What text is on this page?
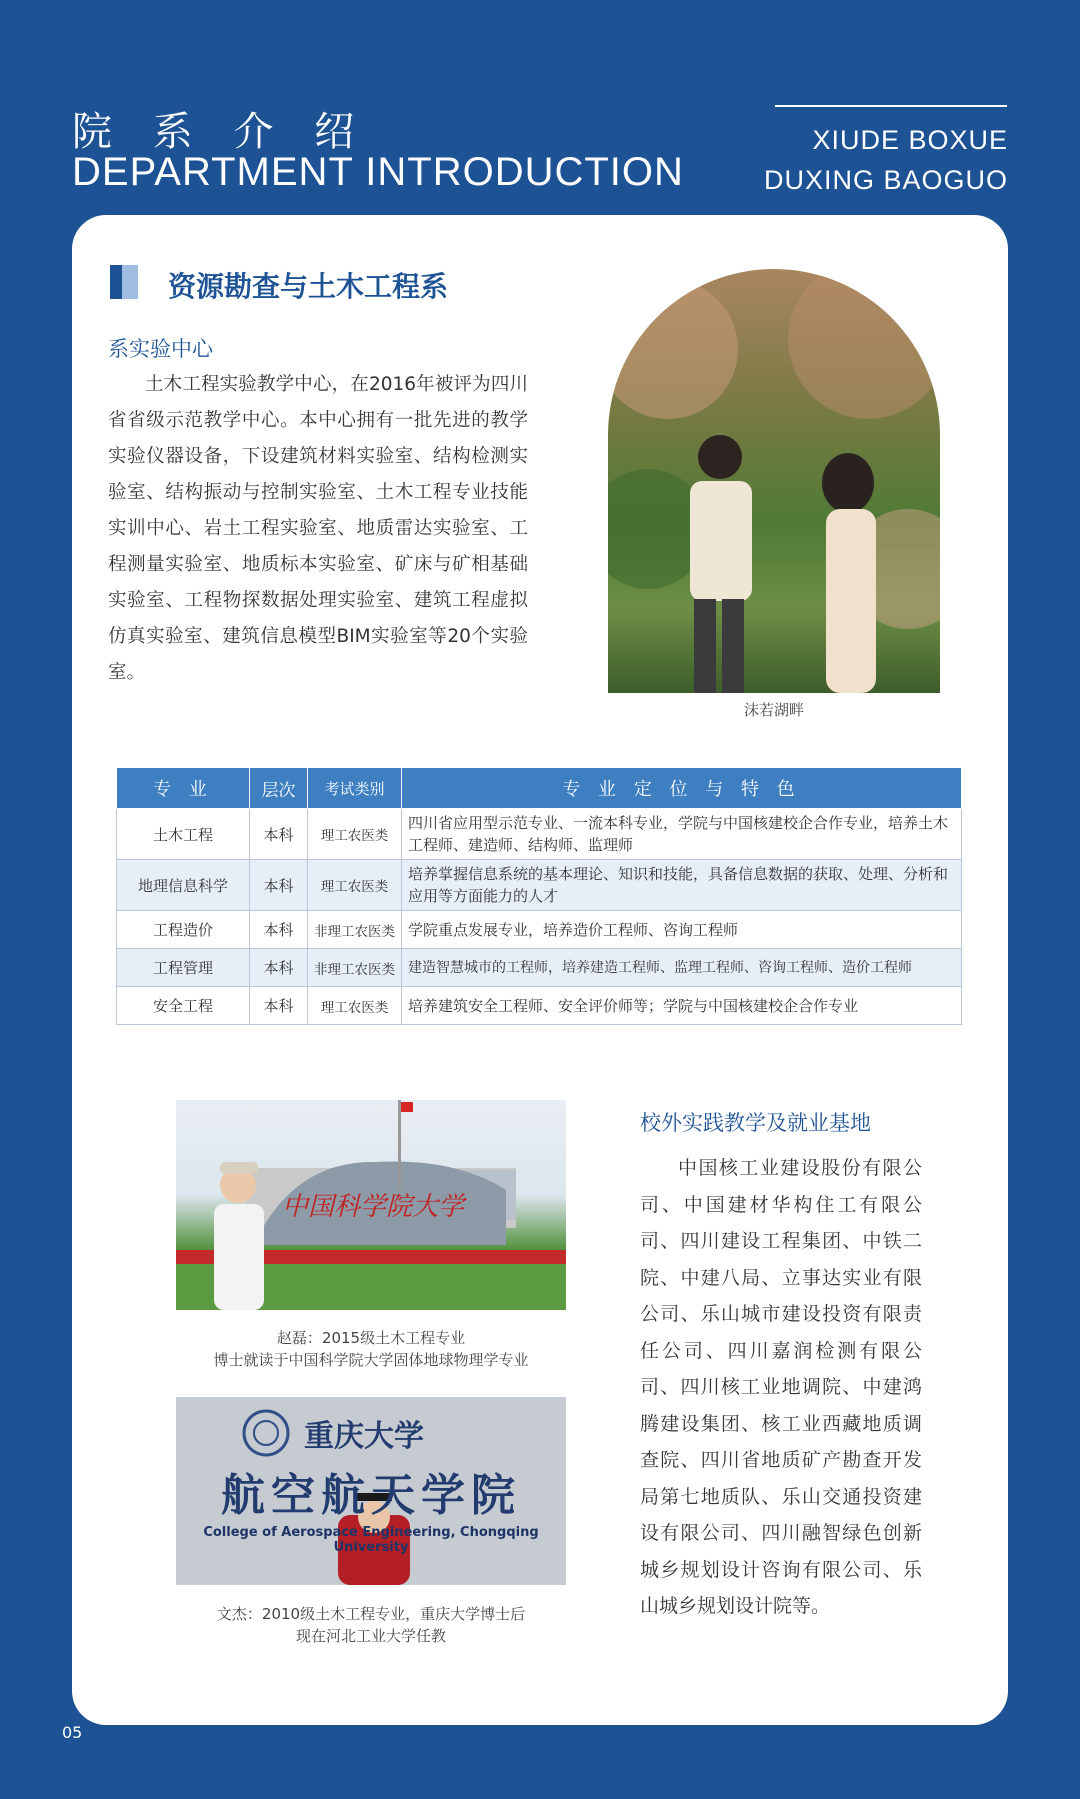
院 系 介 绍
DEPARTMENT INTRODUCTION
XIUDE BOXUE
DUXING BAOGUO
资源勘查与土木工程系
系实验中心
土木工程实验教学中心，在2016年被评为四川省省级示范教学中心。本中心拥有一批先进的教学实验仪器设备，下设建筑材料实验室、结构检测实验室、结构振动与控制实验室、土木工程专业技能实训中心、岩土工程实验室、地质雷达实验室、工程测量实验室、地质标本实验室、矿床与矿相基础实验室、工程物探数据处理实验室、建筑工程虚拟仿真实验室、建筑信息模型BIM实验室等20个实验室。
沫若湖畔
专 业	层次	考试类别	专 业 定 位 与 特 色
土木工程	本科	理工农医类	四川省应用型示范专业、一流本科专业，学院与中国核建校企合作专业，培养土木工程师、建造师、结构师、监理师
地理信息科学	本科	理工农医类	培养掌握信息系统的基本理论、知识和技能，具备信息数据的获取、处理、分析和应用等方面能力的人才
工程造价	本科	非理工农医类	学院重点发展专业，培养造价工程师、咨询工程师
工程管理	本科	非理工农医类	建造智慧城市的工程师，培养建造工程师、监理工程师、咨询工程师、造价工程师
安全工程	本科	理工农医类	培养建筑安全工程师、安全评价师等；学院与中国核建校企合作专业
中国科学院大学
赵磊：2015级土木工程专业
博士就读于中国科学院大学固体地球物理学专业
重庆大学
航空航天学院
College of Aerospace Engineering, Chongqing University
文杰：2010级土木工程专业，重庆大学博士后
现在河北工业大学任教
校外实践教学及就业基地
中国核工业建设股份有限公司、中国建材华构住工有限公司、四川建设工程集团、中铁二院、中建八局、立事达实业有限公司、乐山城市建设投资有限责任公司、四川嘉润检测有限公司、四川核工业地调院、中建鸿腾建设集团、核工业西藏地质调查院、四川省地质矿产勘查开发局第七地质队、乐山交通投资建设有限公司、四川融智绿色创新城乡规划设计咨询有限公司、乐山城乡规划设计院等。
05
